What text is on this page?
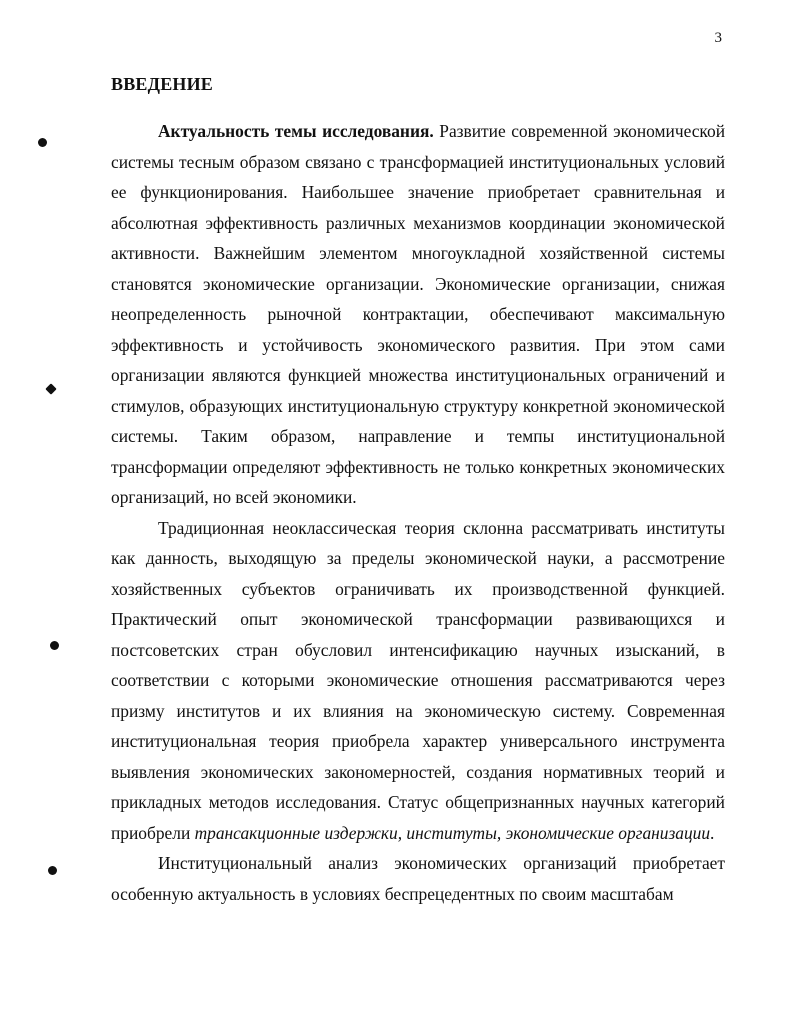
3
ВВЕДЕНИЕ

Актуальность темы исследования. Развитие современной экономической системы тесным образом связано с трансформацией институциональных условий ее функционирования. Наибольшее значение приобретает сравнительная и абсолютная эффективность различных механизмов координации экономической активности. Важнейшим элементом многоукладной хозяйственной системы становятся экономические организации. Экономические организации, снижая неопределенность рыночной контрактации, обеспечивают максимальную эффективность и устойчивость экономического развития. При этом сами организации являются функцией множества институциональных ограничений и стимулов, образующих институциональную структуру конкретной экономической системы. Таким образом, направление и темпы институциональной трансформации определяют эффективность не только конкретных экономических организаций, но всей экономики.

Традиционная неоклассическая теория склонна рассматривать институты как данность, выходящую за пределы экономической науки, а рассмотрение хозяйственных субъектов ограничивать их производственной функцией. Практический опыт экономической трансформации развивающихся и постсоветских стран обусловил интенсификацию научных изысканий, в соответствии с которыми экономические отношения рассматриваются через призму институтов и их влияния на экономическую систему. Современная институциональная теория приобрела характер универсального инструмента выявления экономических закономерностей, создания нормативных теорий и прикладных методов исследования. Статус общепризнанных научных категорий приобрели трансакционные издержки, институты, экономические организации.

Институциональный анализ экономических организаций приобретает особенную актуальность в условиях беспрецедентных по своим масштабам
